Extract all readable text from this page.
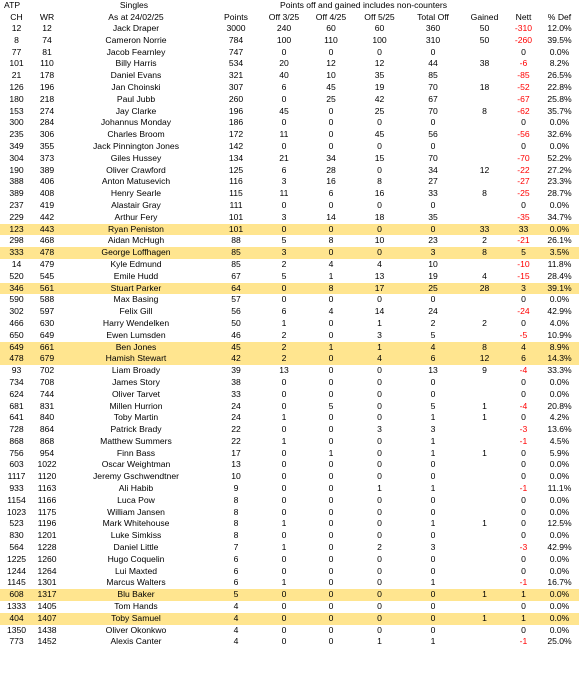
ATP	Singles	Points off and gained includes non-counters
CH	WR	As at 24/02/25	Points	Off 3/25	Off 4/25	Off 5/25	Total Off	Gained	Nett	% Def
12	12	Jack Draper	3000	240	60	60	360	50	-310	12.0%
8	74	Cameron Norrie	784	100	110	100	310	50	-260	39.5%
77	81	Jacob Fearnley	747	0	0	0	0		0	0.0%
101	110	Billy Harris	534	20	12	12	44	38	-6	8.2%
21	178	Daniel Evans	321	40	10	35	85		-85	26.5%
126	196	Jan Choinski	307	6	45	19	70	18	-52	22.8%
180	218	Paul Jubb	260	0	25	42	67		-67	25.8%
153	274	Jay Clarke	196	45	0	25	70	8	-62	35.7%
300	284	Johannus Monday	186	0	0	0	0		0	0.0%
235	306	Charles Broom	172	11	0	45	56		-56	32.6%
349	355	Jack Pinnington Jones	142	0	0	0	0		0	0.0%
304	373	Giles Hussey	134	21	34	15	70		-70	52.2%
190	389	Oliver Crawford	125	6	28	0	34	12	-22	27.2%
388	406	Anton Matusevich	116	3	16	8	27		-27	23.3%
389	408	Henry Searle	115	11	6	16	33	8	-25	28.7%
237	419	Alastair Gray	111	0	0	0	0		0	0.0%
229	442	Arthur Fery	101	3	14	18	35		-35	34.7%
123	443	Ryan Peniston	101	0	0	0	0	33	33	0.0%
298	468	Aidan McHugh	88	5	8	10	23	2	-21	26.1%
333	478	George Loffhagen	85	3	0	0	3	8	5	3.5%
14	479	Kyle Edmund	85	2	4	4	10		-10	11.8%
520	545	Emile Hudd	67	5	1	13	19	4	-15	28.4%
346	561	Stuart Parker	64	0	8	17	25	28	3	39.1%
590	588	Max Basing	57	0	0	0	0		0	0.0%
302	597	Felix Gill	56	6	4	14	24		-24	42.9%
466	630	Harry Wendelken	50	1	0	1	2	2	0	4.0%
650	649	Ewen Lumsden	46	2	0	3	5		-5	10.9%
649	661	Ben Jones	45	2	1	1	4	8	4	8.9%
478	679	Hamish Stewart	42	2	0	4	6	12	6	14.3%
93	702	Liam Broady	39	13	0	0	13	9	-4	33.3%
734	708	James Story	38	0	0	0	0		0	0.0%
624	744	Oliver Tarvet	33	0	0	0	0		0	0.0%
681	831	Millen Hurrion	24	0	5	0	5	1	-4	20.8%
641	840	Toby Martin	24	1	0	0	1	1	0	4.2%
728	864	Patrick Brady	22	0	0	3	3		-3	13.6%
868	868	Matthew Summers	22	1	0	0	1		-1	4.5%
756	954	Finn Bass	17	0	1	0	1	1	0	5.9%
603	1022	Oscar Weightman	13	0	0	0	0		0	0.0%
1117	1120	Jeremy Gschwendtner	10	0	0	0	0		0	0.0%
933	1163	Ali Habib	9	0	0	1	1		-1	11.1%
1154	1166	Luca Pow	8	0	0	0	0		0	0.0%
1023	1175	William Jansen	8	0	0	0	0		0	0.0%
523	1196	Mark Whitehouse	8	1	0	0	1	1	0	12.5%
830	1201	Luke Simkiss	8	0	0	0	0		0	0.0%
564	1228	Daniel Little	7	1	0	2	3		-3	42.9%
1225	1260	Hugo Coquelin	6	0	0	0	0		0	0.0%
1244	1264	Lui Maxted	6	0	0	0	0		0	0.0%
1145	1301	Marcus Walters	6	1	0	0	1		-1	16.7%
608	1317	Blu Baker	5	0	0	0	0	1	1	0.0%
1333	1405	Tom Hands	4	0	0	0	0		0	0.0%
404	1407	Toby Samuel	4	0	0	0	0	1	1	0.0%
1350	1438	Oliver Okonkwo	4	0	0	0	0		0	0.0%
773	1452	Alexis Canter	4	0	0	1	1		-1	25.0%
